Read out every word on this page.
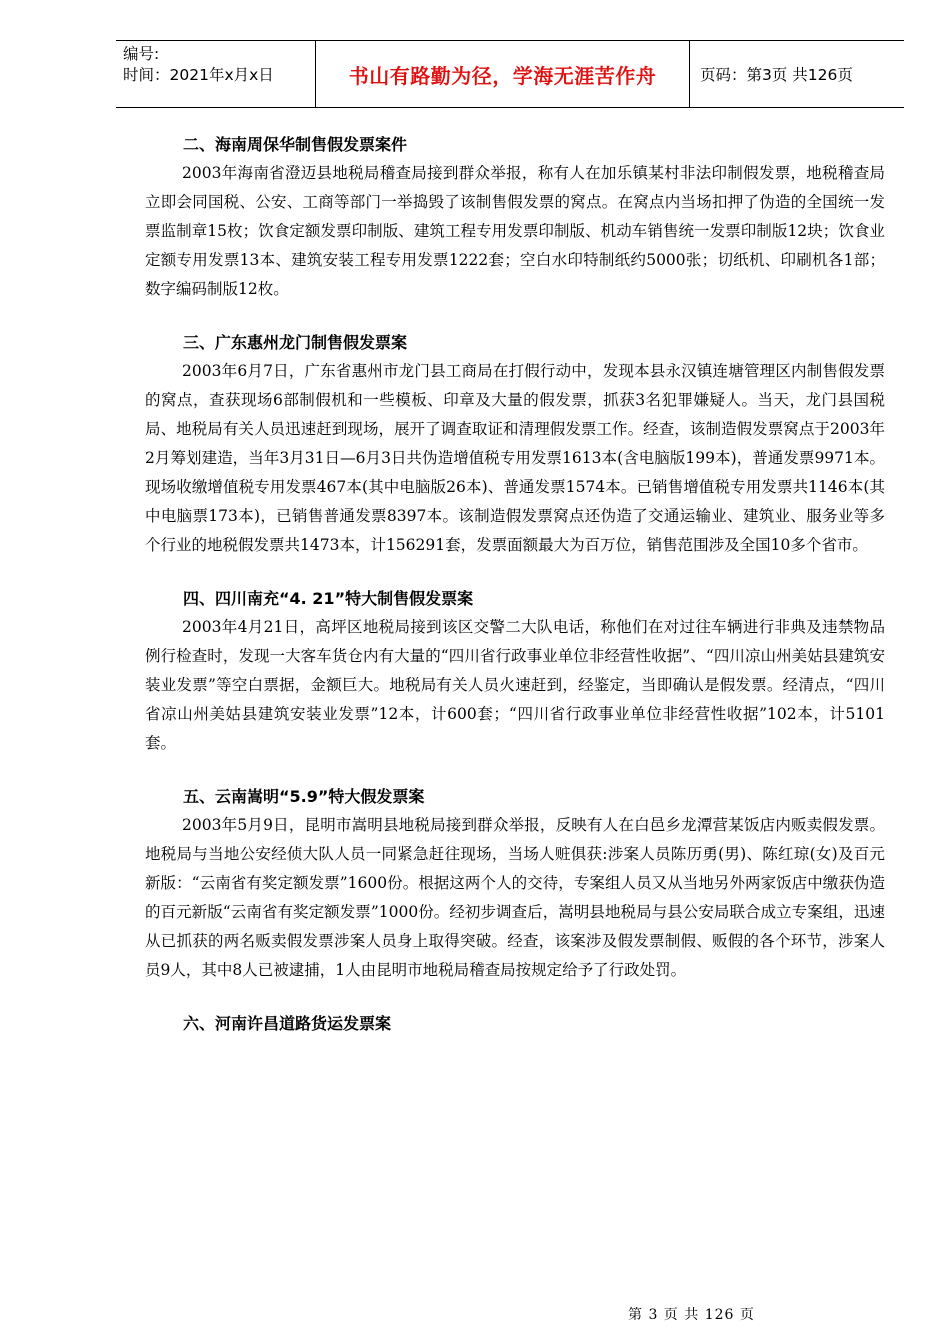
编号:
时间：2021年x月x日	书山有路勤为径，学海无涯苦作舟	页码：第3页 共126页

二、海南周保华制售假发票案件

2003年海南省澄迈县地税局稽查局接到群众举报，称有人在加乐镇某村非法印制假发票，地税稽查局立即会同国税、公安、工商等部门一举捣毁了该制售假发票的窝点。在窝点内当场扣押了伪造的全国统一发票监制章15枚；饮食定额发票印制版、建筑工程专用发票印制版、机动车销售统一发票印制版12块；饮食业定额专用发票13本、建筑安装工程专用发票1222套；空白水印特制纸约5000张；切纸机、印刷机各1部；数字编码制版12枚。

三、广东惠州龙门制售假发票案

2003年6月7日，广东省惠州市龙门县工商局在打假行动中，发现本县永汉镇连塘管理区内制售假发票的窝点，查获现场6部制假机和一些模板、印章及大量的假发票，抓获3名犯罪嫌疑人。当天，龙门县国税局、地税局有关人员迅速赶到现场，展开了调查取证和清理假发票工作。经查，该制造假发票窝点于2003年2月筹划建造，当年3月31日—6月3日共伪造增值税专用发票1613本(含电脑版199本)，普通发票9971本。现场收缴增值税专用发票467本(其中电脑版26本)、普通发票1574本。已销售增值税专用发票共1146本(其中电脑票173本)，已销售普通发票8397本。该制造假发票窝点还伪造了交通运输业、建筑业、服务业等多个行业的地税假发票共1473本，计156291套，发票面额最大为百万位，销售范围涉及全国10多个省市。

四、四川南充“4. 21”特大制售假发票案

2003年4月21日，高坪区地税局接到该区交警二大队电话，称他们在对过往车辆进行非典及违禁物品例行检查时，发现一大客车货仓内有大量的“四川省行政事业单位非经营性收据”、“四川凉山州美姑县建筑安装业发票”等空白票据，金额巨大。地税局有关人员火速赶到，经鉴定，当即确认是假发票。经清点，“四川省凉山州美姑县建筑安装业发票”12本，计600套；“四川省行政事业单位非经营性收据”102本，计5101套。

五、云南嵩明“5.9”特大假发票案

2003年5月9日，昆明市嵩明县地税局接到群众举报，反映有人在白邑乡龙潭营某饭店内贩卖假发票。地税局与当地公安经侦大队人员一同紧急赶往现场，当场人赃俱获:涉案人员陈历勇(男)、陈红琼(女)及百元新版：“云南省有奖定额发票”1600份。根据这两个人的交待，专案组人员又从当地另外两家饭店中缴获伪造的百元新版“云南省有奖定额发票”1000份。经初步调查后，嵩明县地税局与县公安局联合成立专案组，迅速从已抓获的两名贩卖假发票涉案人员身上取得突破。经查，该案涉及假发票制假、贩假的各个环节，涉案人员9人，其中8人已被逮捕，1人由昆明市地税局稽查局按规定给予了行政处罚。

六、河南许昌道路货运发票案

第 3 页 共 126 页
